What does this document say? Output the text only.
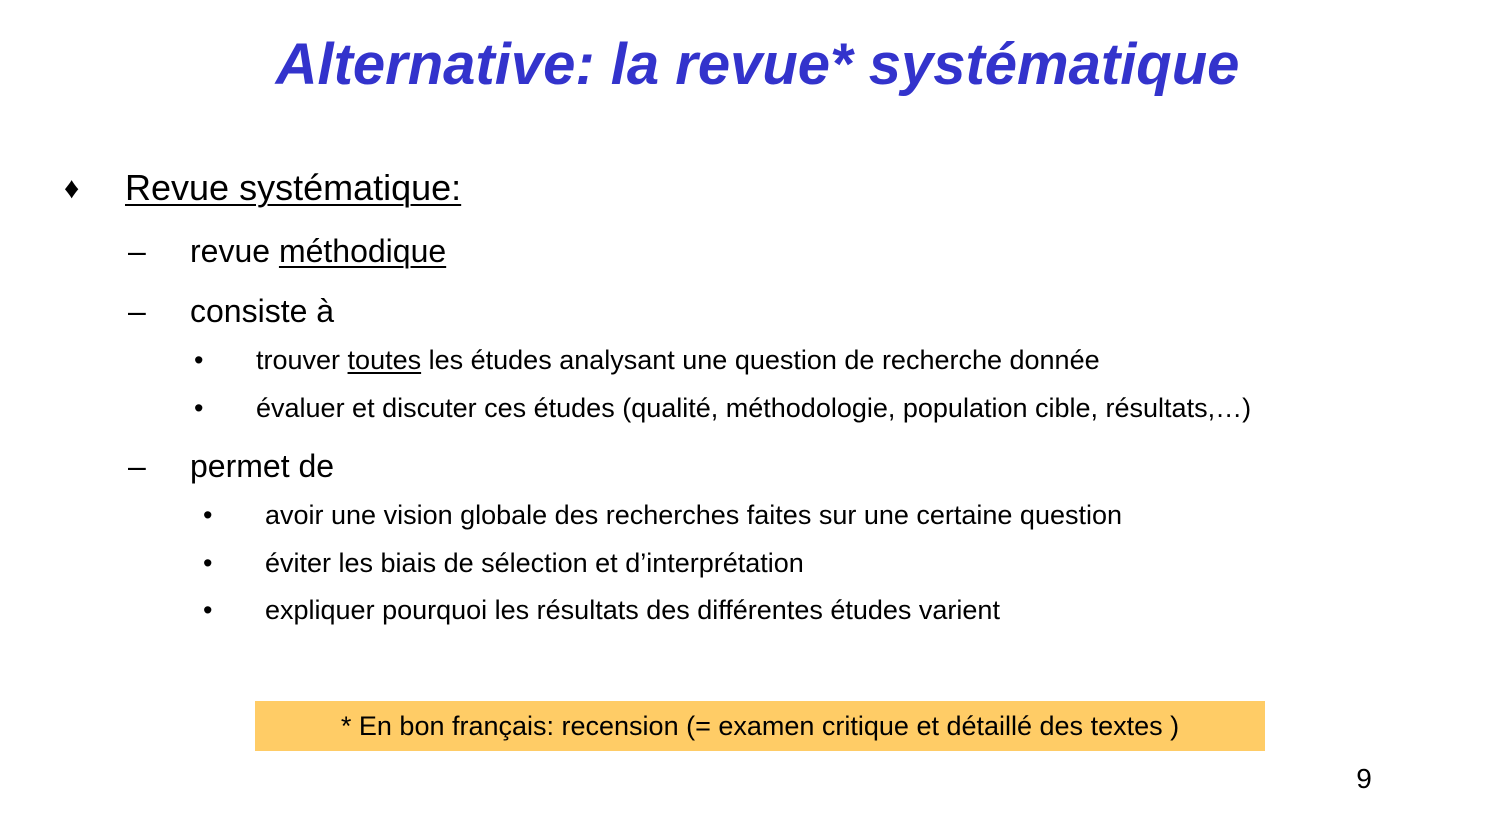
Alternative: la revue* systématique
♦ Revue systématique:
– revue méthodique
– consiste à
• trouver toutes les études analysant une question de recherche donnée
• évaluer et discuter ces études (qualité, méthodologie, population cible, résultats,…)
– permet de
• avoir une vision globale des recherches faites sur une certaine question
• éviter les biais de sélection et d’interprétation
• expliquer pourquoi les résultats des différentes études varient
* En bon français: recension (= examen critique et détaillé des textes )
9
